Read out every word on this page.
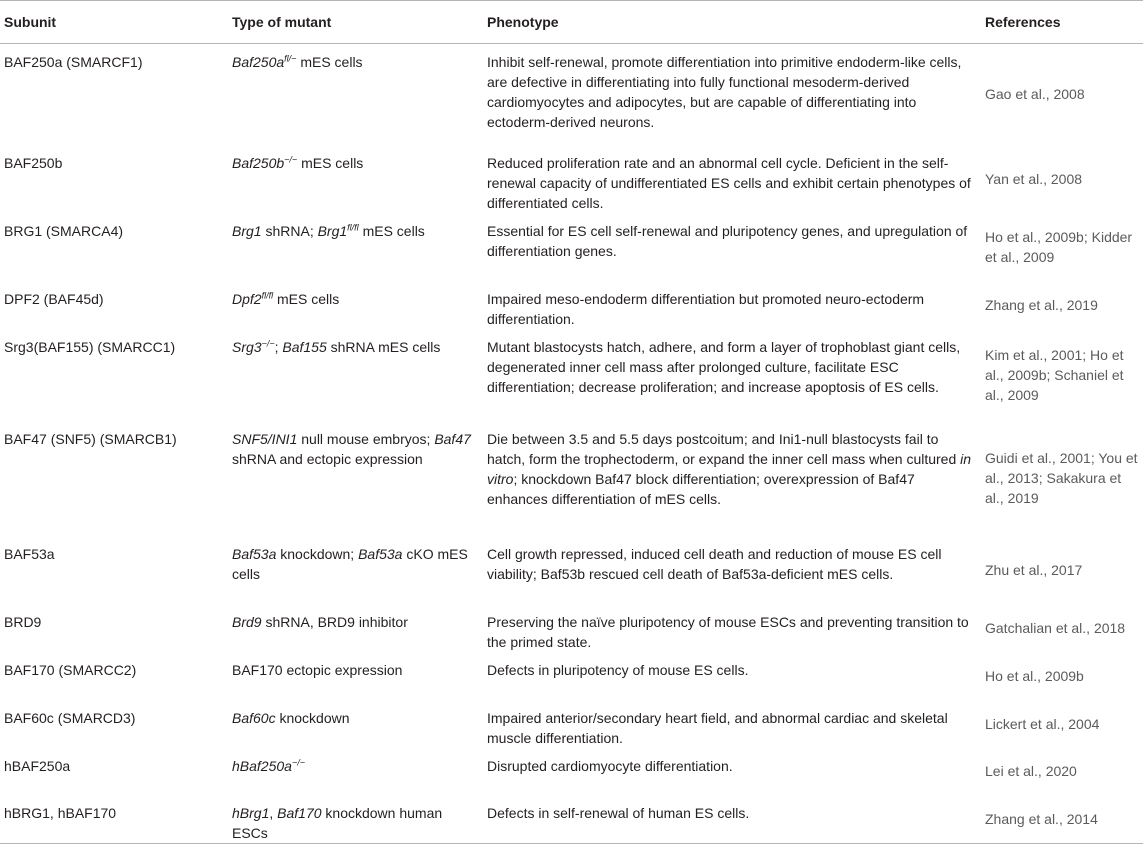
Subunit	Type of mutant	Phenotype	References
BAF250a (SMARCF1)	$Baf250a^{fl/-}$ mES cells	Inhibit self-renewal, promote differentiation into primitive endoderm-like cells, are defective in differentiating into fully functional mesoderm-derived cardiomyocytes and adipocytes, but are capable of differentiating into ectoderm-derived neurons.	Gao et al., 2008
BAF250b	Baf250b−/− mES cells	Reduced proliferation rate and an abnormal cell cycle. Deficient in the self-renewal capacity of undifferentiated ES cells and exhibit certain phenotypes of differentiated cells.	Yan et al., 2008
BRG1 (SMARCA4)	Brg1 shRNA; $Brg1^{fl/fl}$ mES cells	Essential for ES cell self-renewal and pluripotency genes, and upregulation of differentiation genes.	Ho et al., 2009b; Kidder et al., 2009
DPF2 (BAF45d)	$Dpf2^{fl/fl}$ mES cells	Impaired meso-endoderm differentiation but promoted neuro-ectoderm differentiation.	Zhang et al., 2019
Srg3(BAF155) (SMARCC1)	Srg3−/−; Baf155 shRNA mES cells	Mutant blastocysts hatch, adhere, and form a layer of trophoblast giant cells, degenerated inner cell mass after prolonged culture, facilitate ESC differentiation; decrease proliferation; and increase apoptosis of ES cells.	Kim et al., 2001; Ho et al., 2009b; Schaniel et al., 2009
BAF47 (SNF5) (SMARCB1)	SNF5/INI1 null mouse embryos; Baf47 shRNA and ectopic expression	Die between 3.5 and 5.5 days postcoitum; and Ini1-null blastocysts fail to hatch, form the trophectoderm, or expand the inner cell mass when cultured in vitro; knockdown Baf47 block differentiation; overexpression of Baf47 enhances differentiation of mES cells.	Guidi et al., 2001; You et al., 2013; Sakakura et al., 2019
BAF53a	Baf53a knockdown; Baf53a cKO mES cells	Cell growth repressed, induced cell death and reduction of mouse ES cell viability; Baf53b rescued cell death of Baf53a-deficient mES cells.	Zhu et al., 2017
BRD9	Brd9 shRNA, BRD9 inhibitor	Preserving the naïve pluripotency of mouse ESCs and preventing transition to the primed state.	Gatchalian et al., 2018
BAF170 (SMARCC2)	BAF170 ectopic expression	Defects in pluripotency of mouse ES cells.	Ho et al., 2009b
BAF60c (SMARCD3)	Baf60c knockdown	Impaired anterior/secondary heart field, and abnormal cardiac and skeletal muscle differentiation.	Lickert et al., 2004
hBAF250a	hBaf250a−/−	Disrupted cardiomyocyte differentiation.	Lei et al., 2020
hBRG1, hBAF170	hBrg1, Baf170 knockdown human ESCs	Defects in self-renewal of human ES cells.	Zhang et al., 2014
